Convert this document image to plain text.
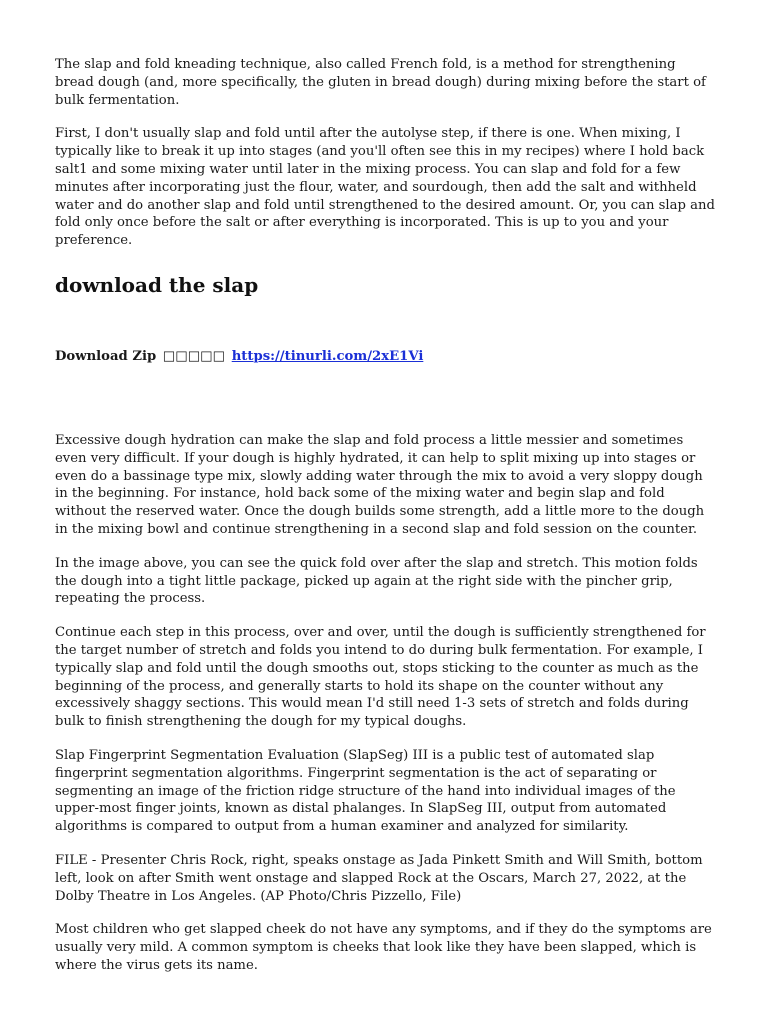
The slap and fold kneading technique, also called French fold, is a method for strengthening bread dough (and, more specifically, the gluten in bread dough) during mixing before the start of bulk fermentation.

First, I don't usually slap and fold until after the autolyse step, if there is one. When mixing, I typically like to break it up into stages (and you'll often see this in my recipes) where I hold back salt1 and some mixing water until later in the mixing process. You can slap and fold for a few minutes after incorporating just the flour, water, and sourdough, then add the salt and withheld water and do another slap and fold until strengthened to the desired amount. Or, you can slap and fold only once before the salt or after everything is incorporated. This is up to you and your preference.

download the slap
Download Zip □□□□□ https://tinurli.com/2xE1Vi

Excessive dough hydration can make the slap and fold process a little messier and sometimes even very difficult. If your dough is highly hydrated, it can help to split mixing up into stages or even do a bassinage type mix, slowly adding water through the mix to avoid a very sloppy dough in the beginning. For instance, hold back some of the mixing water and begin slap and fold without the reserved water. Once the dough builds some strength, add a little more to the dough in the mixing bowl and continue strengthening in a second slap and fold session on the counter.

In the image above, you can see the quick fold over after the slap and stretch. This motion folds the dough into a tight little package, picked up again at the right side with the pincher grip, repeating the process.

Continue each step in this process, over and over, until the dough is sufficiently strengthened for the target number of stretch and folds you intend to do during bulk fermentation. For example, I typically slap and fold until the dough smooths out, stops sticking to the counter as much as the beginning of the process, and generally starts to hold its shape on the counter without any excessively shaggy sections. This would mean I'd still need 1-3 sets of stretch and folds during bulk to finish strengthening the dough for my typical doughs.

Slap Fingerprint Segmentation Evaluation (SlapSeg) III is a public test of automated slap fingerprint segmentation algorithms. Fingerprint segmentation is the act of separating or segmenting an image of the friction ridge structure of the hand into individual images of the upper-most finger joints, known as distal phalanges. In SlapSeg III, output from automated algorithms is compared to output from a human examiner and analyzed for similarity.

FILE - Presenter Chris Rock, right, speaks onstage as Jada Pinkett Smith and Will Smith, bottom left, look on after Smith went onstage and slapped Rock at the Oscars, March 27, 2022, at the Dolby Theatre in Los Angeles. (AP Photo/Chris Pizzello, File)

Most children who get slapped cheek do not have any symptoms, and if they do the symptoms are usually very mild. A common symptom is cheeks that look like they have been slapped, which is where the virus gets its name.
